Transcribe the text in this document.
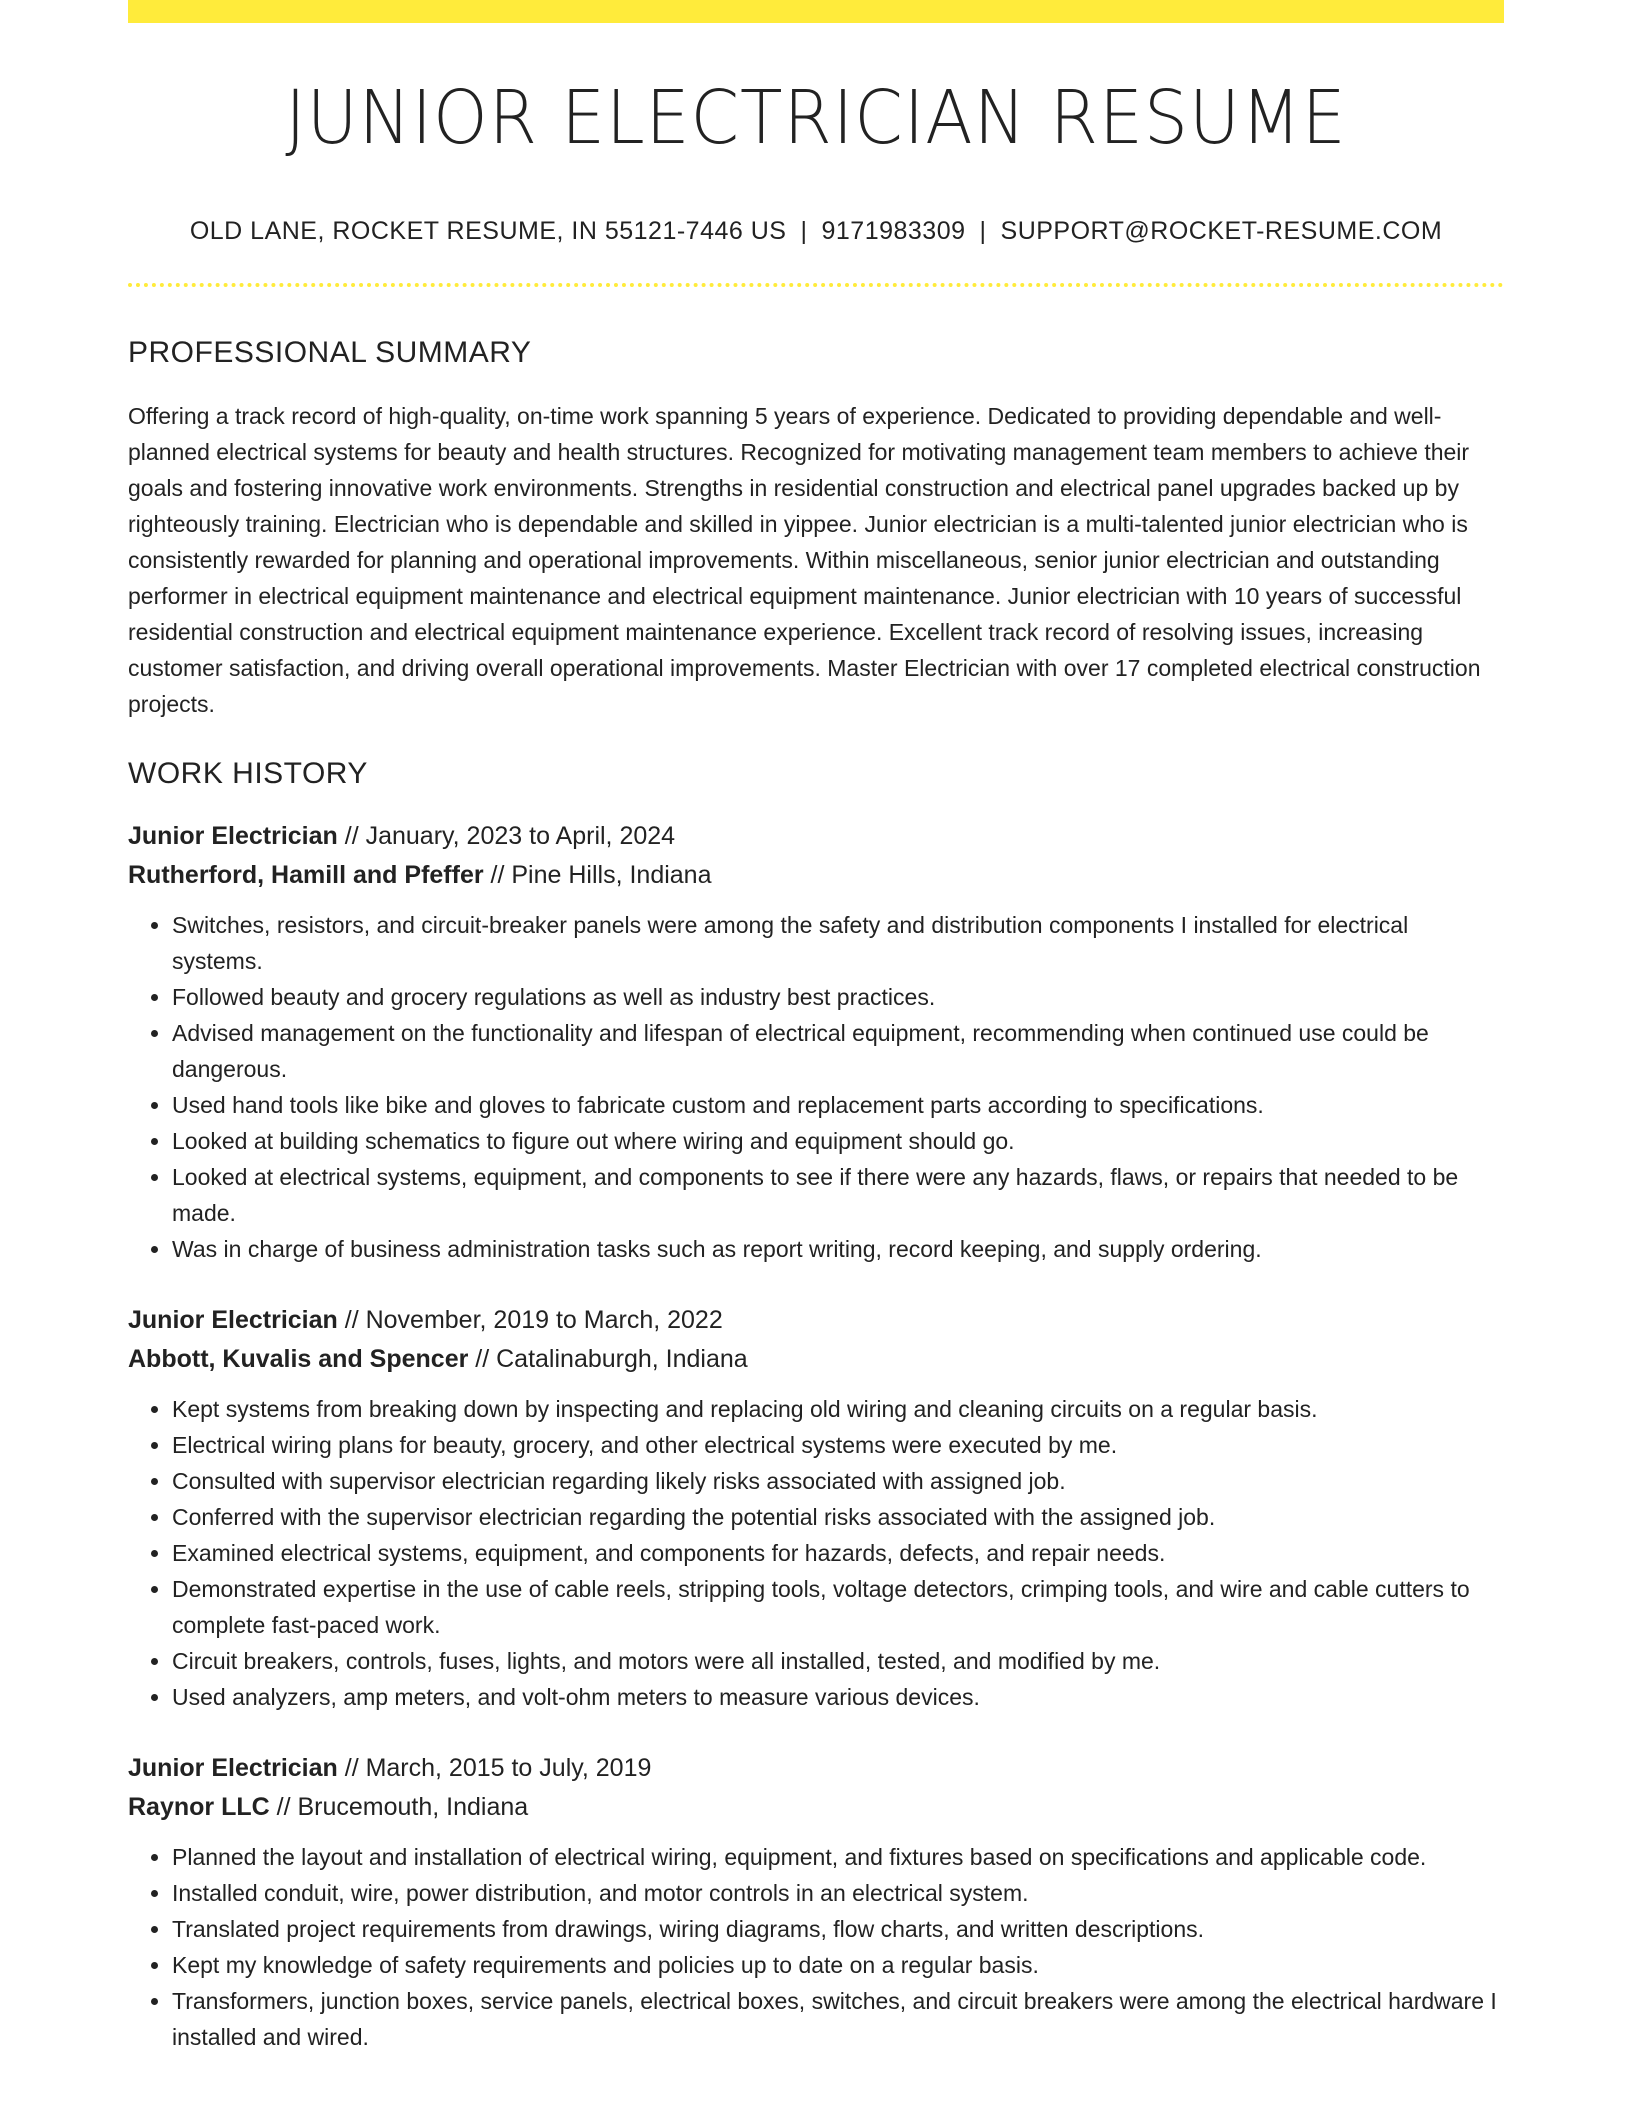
JUNIOR ELECTRICIAN RESUME
OLD LANE, ROCKET RESUME, IN 55121-7446 US | 9171983309 | SUPPORT@ROCKET-RESUME.COM
PROFESSIONAL SUMMARY

Offering a track record of high-quality, on-time work spanning 5 years of experience. Dedicated to providing dependable and well-planned electrical systems for beauty and health structures. Recognized for motivating management team members to achieve their goals and fostering innovative work environments. Strengths in residential construction and electrical panel upgrades backed up by righteously training. Electrician who is dependable and skilled in yippee. Junior electrician is a multi-talented junior electrician who is consistently rewarded for planning and operational improvements. Within miscellaneous, senior junior electrician and outstanding performer in electrical equipment maintenance and electrical equipment maintenance. Junior electrician with 10 years of successful residential construction and electrical equipment maintenance experience. Excellent track record of resolving issues, increasing customer satisfaction, and driving overall operational improvements. Master Electrician with over 17 completed electrical construction projects.

WORK HISTORY
Junior Electrician // January, 2023 to April, 2024
Rutherford, Hamill and Pfeffer // Pine Hills, Indiana
• Switches, resistors, and circuit-breaker panels were among the safety and distribution components I installed for electrical systems.
• Followed beauty and grocery regulations as well as industry best practices.
• Advised management on the functionality and lifespan of electrical equipment, recommending when continued use could be dangerous.
• Used hand tools like bike and gloves to fabricate custom and replacement parts according to specifications.
• Looked at building schematics to figure out where wiring and equipment should go.
• Looked at electrical systems, equipment, and components to see if there were any hazards, flaws, or repairs that needed to be made.
• Was in charge of business administration tasks such as report writing, record keeping, and supply ordering.
Junior Electrician // November, 2019 to March, 2022
Abbott, Kuvalis and Spencer // Catalinaburgh, Indiana
• Kept systems from breaking down by inspecting and replacing old wiring and cleaning circuits on a regular basis.
• Electrical wiring plans for beauty, grocery, and other electrical systems were executed by me.
• Consulted with supervisor electrician regarding likely risks associated with assigned job.
• Conferred with the supervisor electrician regarding the potential risks associated with the assigned job.
• Examined electrical systems, equipment, and components for hazards, defects, and repair needs.
• Demonstrated expertise in the use of cable reels, stripping tools, voltage detectors, crimping tools, and wire and cable cutters to complete fast-paced work.
• Circuit breakers, controls, fuses, lights, and motors were all installed, tested, and modified by me.
• Used analyzers, amp meters, and volt-ohm meters to measure various devices.
Junior Electrician // March, 2015 to July, 2019
Raynor LLC // Brucemouth, Indiana
• Planned the layout and installation of electrical wiring, equipment, and fixtures based on specifications and applicable code.
• Installed conduit, wire, power distribution, and motor controls in an electrical system.
• Translated project requirements from drawings, wiring diagrams, flow charts, and written descriptions.
• Kept my knowledge of safety requirements and policies up to date on a regular basis.
• Transformers, junction boxes, service panels, electrical boxes, switches, and circuit breakers were among the electrical hardware I installed and wired.
